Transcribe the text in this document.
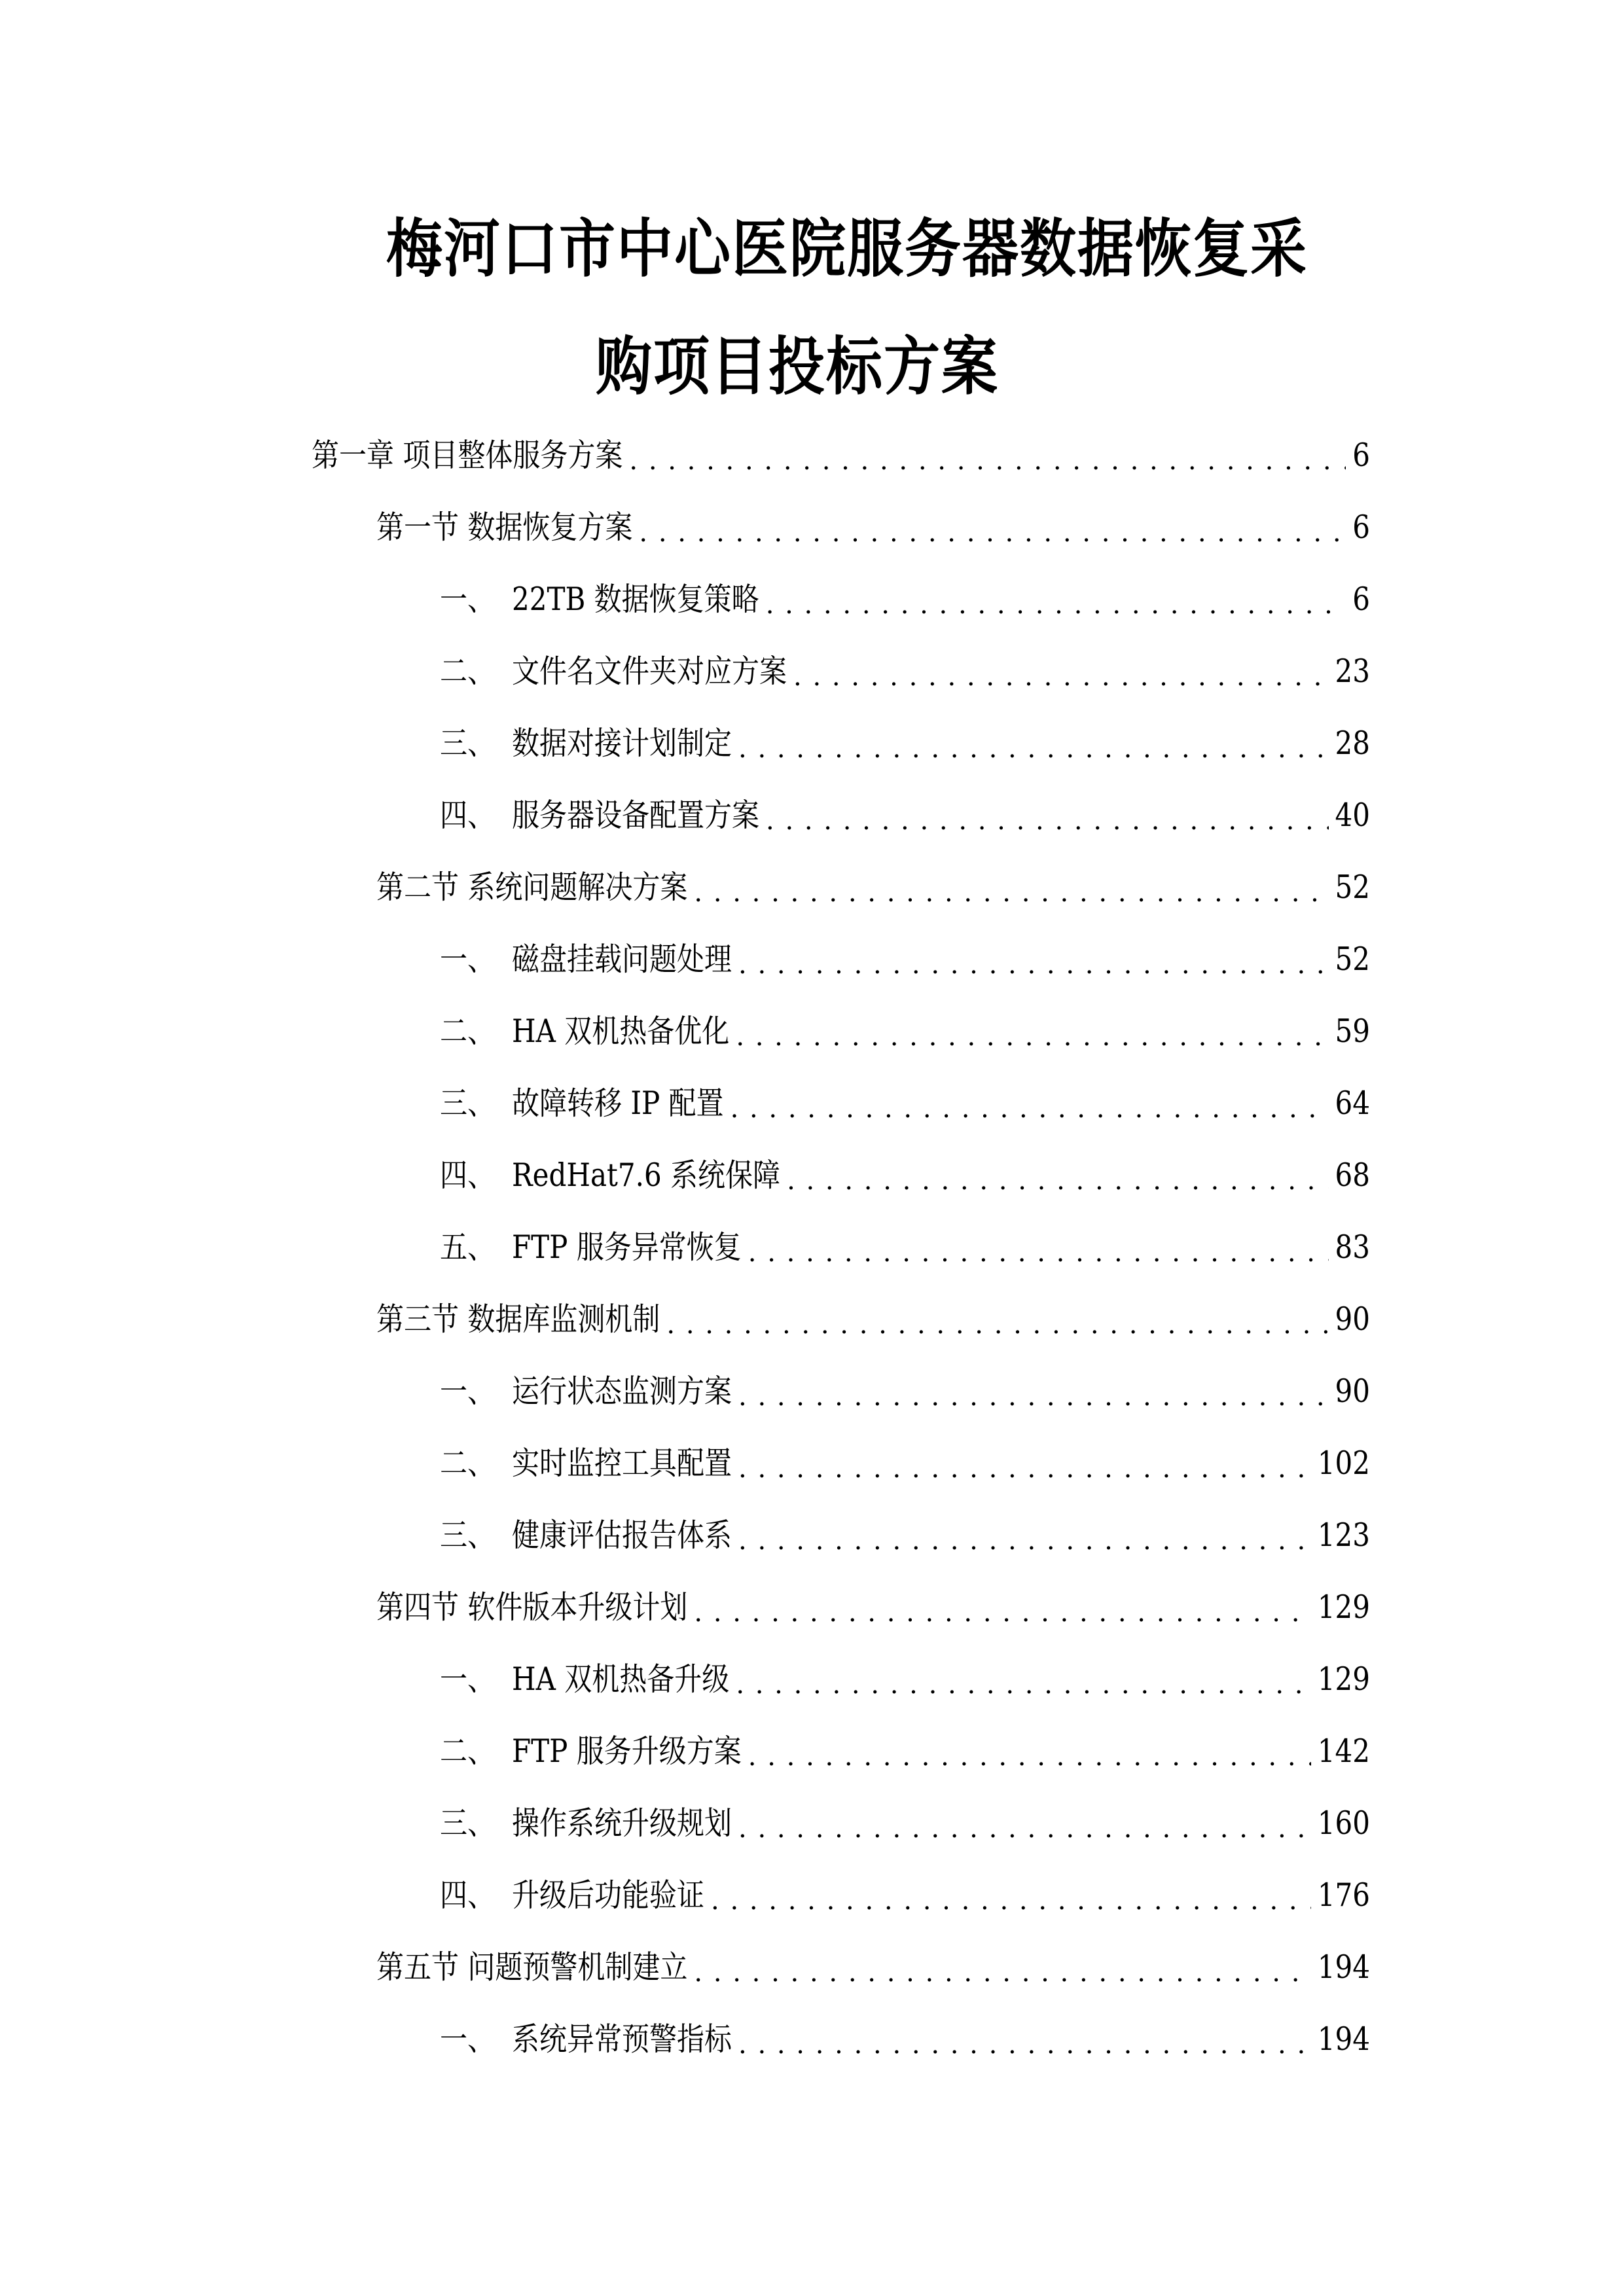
梅河口市中心医院服务器数据恢复采
购项目投标方案
第一章 项目整体服务方案 . . .	6
第一节 数据恢复方案 . . .	6
一、 22TB 数据恢复策略 . . .	6
二、 文件名文件夹对应方案 . . .	23
三、 数据对接计划制定 . . .	28
四、 服务器设备配置方案 . . .	40
第二节 系统问题解决方案 . . .	52
一、 磁盘挂载问题处理 . . .	52
二、 HA 双机热备优化 . . .	59
三、 故障转移 IP 配置 . . .	64
四、 RedHat7.6 系统保障 . . .	68
五、 FTP 服务异常恢复 . . .	83
第三节 数据库监测机制 . . .	90
一、 运行状态监测方案 . . .	90
二、 实时监控工具配置 . . .	102
三、 健康评估报告体系 . . .	123
第四节 软件版本升级计划 . . .	129
一、 HA 双机热备升级 . . .	129
二、 FTP 服务升级方案 . . .	142
三、 操作系统升级规划 . . .	160
四、 升级后功能验证 . . .	176
第五节 问题预警机制建立 . . .	194
一、 系统异常预警指标 . . .	194
